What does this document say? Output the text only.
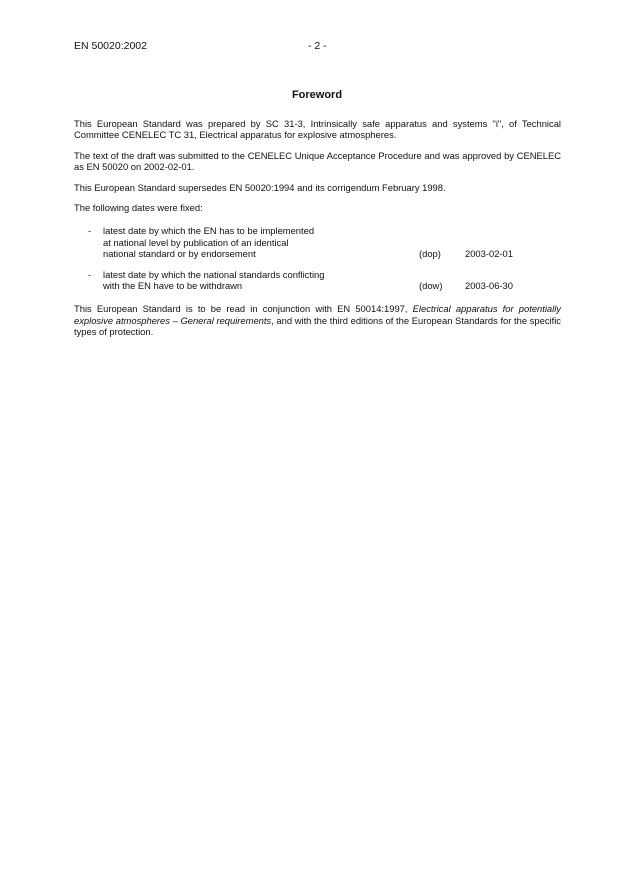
EN 50020:2002	- 2 -
Foreword

This European Standard was prepared by SC 31-3, Intrinsically safe apparatus and systems "i", of Technical Committee CENELEC TC 31, Electrical apparatus for explosive atmospheres.

The text of the draft was submitted to the CENELEC Unique Acceptance Procedure and was approved by CENELEC as EN 50020 on 2002-02-01.

This European Standard supersedes EN 50020:1994 and its corrigendum February 1998.

The following dates were fixed:

- latest date by which the EN has to be implemented
at national level by publication of an identical
national standard or by endorsement	(dop)	2003-02-01
- latest date by which the national standards conflicting
with the EN have to be withdrawn	(dow) 2003-06-30

This European Standard is to be read in conjunction with EN 50014:1997, Electrical apparatus for potentially explosive atmospheres – General requirements, and with the third editions of the European Standards for the specific types of protection.
